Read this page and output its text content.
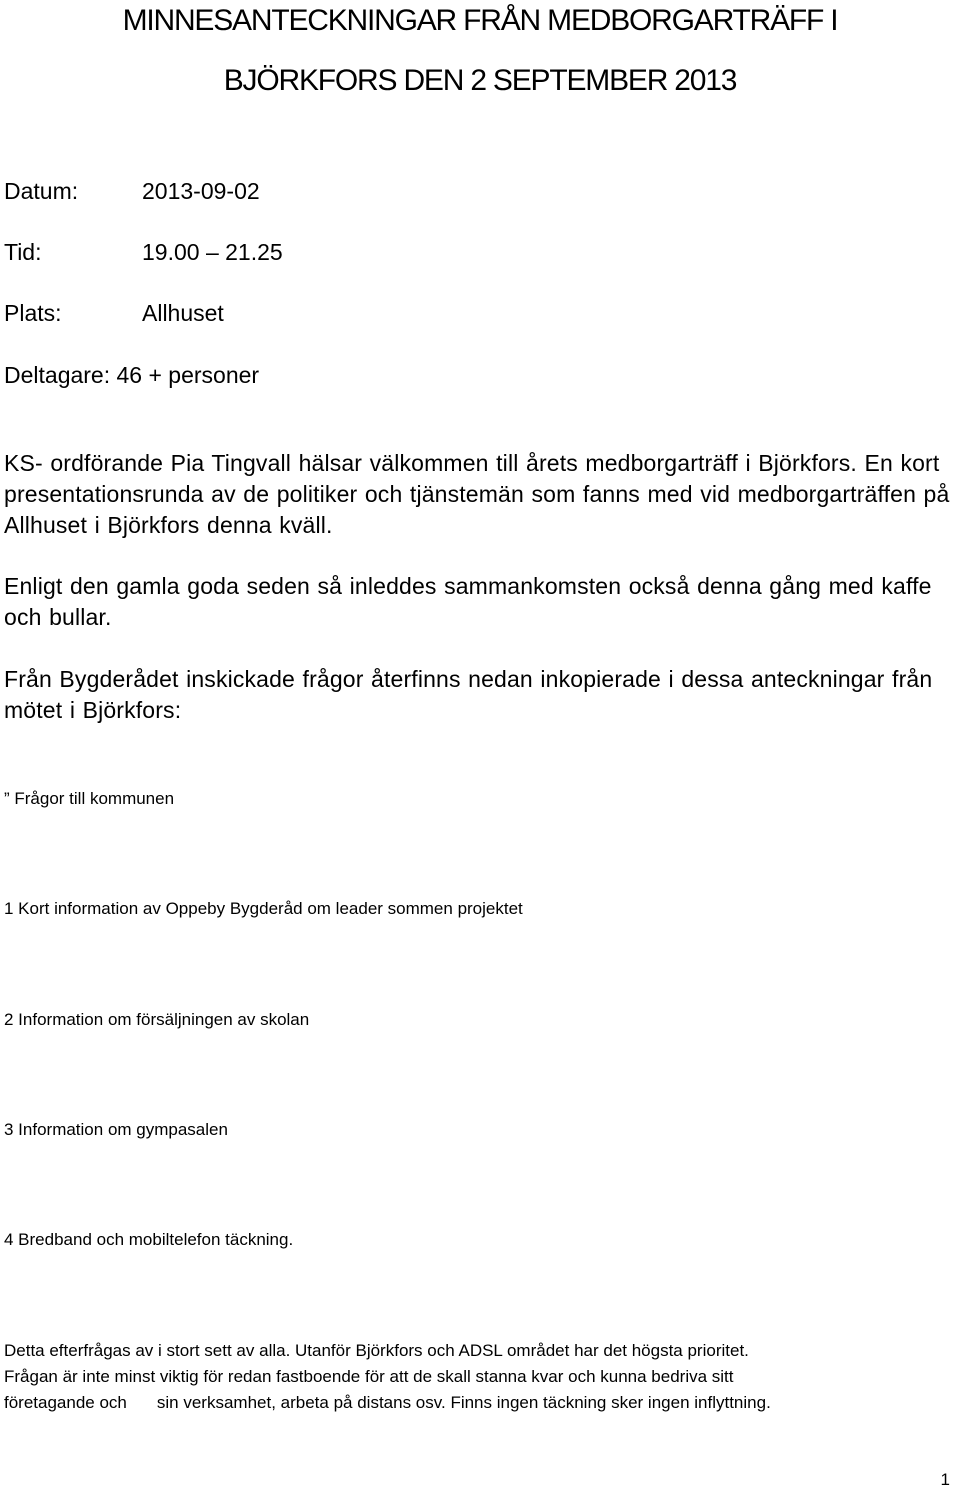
MINNESANTECKNINGAR FRÅN MEDBORGARTRÄFF I
BJÖRKFORS DEN 2 SEPTEMBER 2013
Datum:	2013-09-02
Tid:	19.00 – 21.25
Plats:	Allhuset
Deltagare: 46 + personer
KS- ordförande Pia Tingvall hälsar välkommen till årets medborgarträff i Björkfors. En kort presentationsrunda av de politiker och tjänstemän som fanns med vid medborgarträffen på Allhuset i Björkfors denna kväll.
Enligt den gamla goda seden så inleddes sammankomsten också denna gång med kaffe och bullar.
Från Bygderådet inskickade frågor återfinns nedan inkopierade i dessa anteckningar från mötet i Björkfors:
” Frågor till kommunen
1 Kort information av Oppeby Bygderåd om leader sommen projektet
2 Information om försäljningen av skolan
3 Information om gympasalen
4 Bredband och mobiltelefon täckning.
Detta efterfrågas av i stort sett av alla. Utanför Björkfors och ADSL området har det högsta prioritet.
Frågan är inte minst viktig för redan fastboende för att de skall stanna kvar och kunna bedriva sitt
företagande och sin verksamhet, arbeta på distans osv. Finns ingen täckning sker ingen inflyttning.
1
